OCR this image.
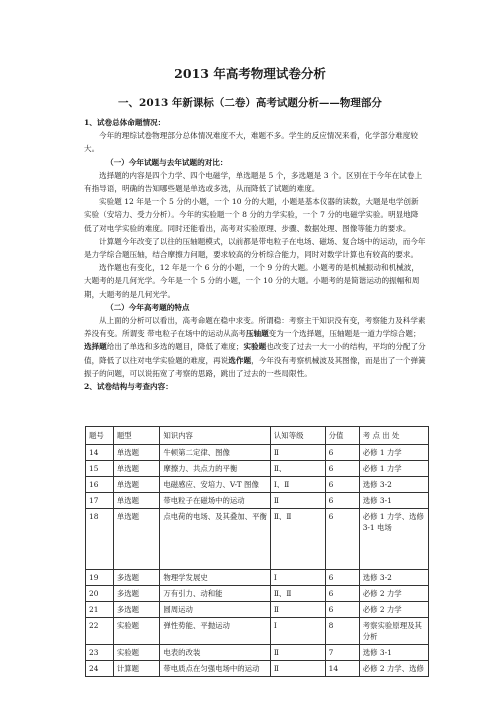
2013 年高考物理试卷分析
一、2013 年新课标（二卷）高考试题分析——物理部分
1、试卷总体命题情况：
今年的理综试卷物理部分总体情况难度不大，难题不多。学生的反应情况来看，化学部分难度较大。
（一）今年试题与去年试题的对比：
选择题的内容是四个力学、四个电磁学，单选题是 5 个，多选题是 3 个。区别在于今年在试卷上有指导语，明确的告知哪些题是单选或多选，从而降低了试题的难度。
实验题 12 年是一个 5 分的小题，一个 10 分的大题，小题是基本仪器的读数，大题是电学创新实验（安培力、受力分析）。今年的实验题一个 8 分的力学实验，一个 7 分的电磁学实验。明显地降低了对电学实验的难度。同时还能看出，高考对实验原理、步骤、数据处理、图像等能力的要求。
计算题今年改变了以往的压轴题模式，以前都是带电粒子在电场、磁场、复合场中的运动，而今年是力学综合题压轴，结合摩擦力问题，要求较高的分析综合能力，同时对数学计算也有较高的要求。
选作题也有变化，12 年是一个 6 分的小题，一个 9 分的大题。小题考的是机械振动和机械波，大题考的是几何光学。今年是一个 5 分的小题，一个 10 分的大题。小题考的是简谐运动的振幅和周期，大题考的是几何光学。
（二）今年高考题的特点
从上面的分析可以看出，高考命题在稳中求变。所谓稳：考察主干知识没有变，考察能力及科学素养没有变。所谓变 带电粒子在场中的运动从高考压轴题变为一个选择题，压轴题是一道力学综合题；选择题给出了单选和多选的题目，降低了难度；实验题也改变了过去一大一小的结构，平均的分配了分值，降低了以往对电学实验题的难度，再说选作题，今年没有考察机械波及其图像，而是出了一个弹簧振子的问题，可以说拓宽了考察的思路，跳出了过去的一些局限性。
2、试卷结构与考查内容：
题号	题型	知识内容	认知等级	分值	考 点 出 处
14	单选题	牛顿第二定律、图像	Ⅱ	6	必修 1 力学
15	单选题	摩擦力、共点力的平衡	Ⅱ、	6	必修 1 力学
16	单选题	电磁感应、安培力、V-T 图像	Ⅰ、Ⅱ	6	选修 3-2
17	单选题	带电粒子在磁场中的运动	Ⅱ	6	选修 3-1
18	单选题	点电荷的电场、及其叠加、平衡	Ⅱ、Ⅱ	6	必修 1 力学、选修 3-1 电场
19	多选题	物理学发展史	Ⅰ	6	选修 3-2
20	多选题	万有引力、动和能	Ⅱ、Ⅱ	6	必修 2 力学
21	多选题	圆周运动	Ⅱ	6	必修 2 力学
22	实验题	弹性势能、平抛运动	Ⅰ	8	考察实验原理及其分析
23	实验题	电表的改装	Ⅱ	7	选修 3-1
24	计算题	带电质点在匀强电场中的运动	Ⅱ	14	必修 2 力学、选修
